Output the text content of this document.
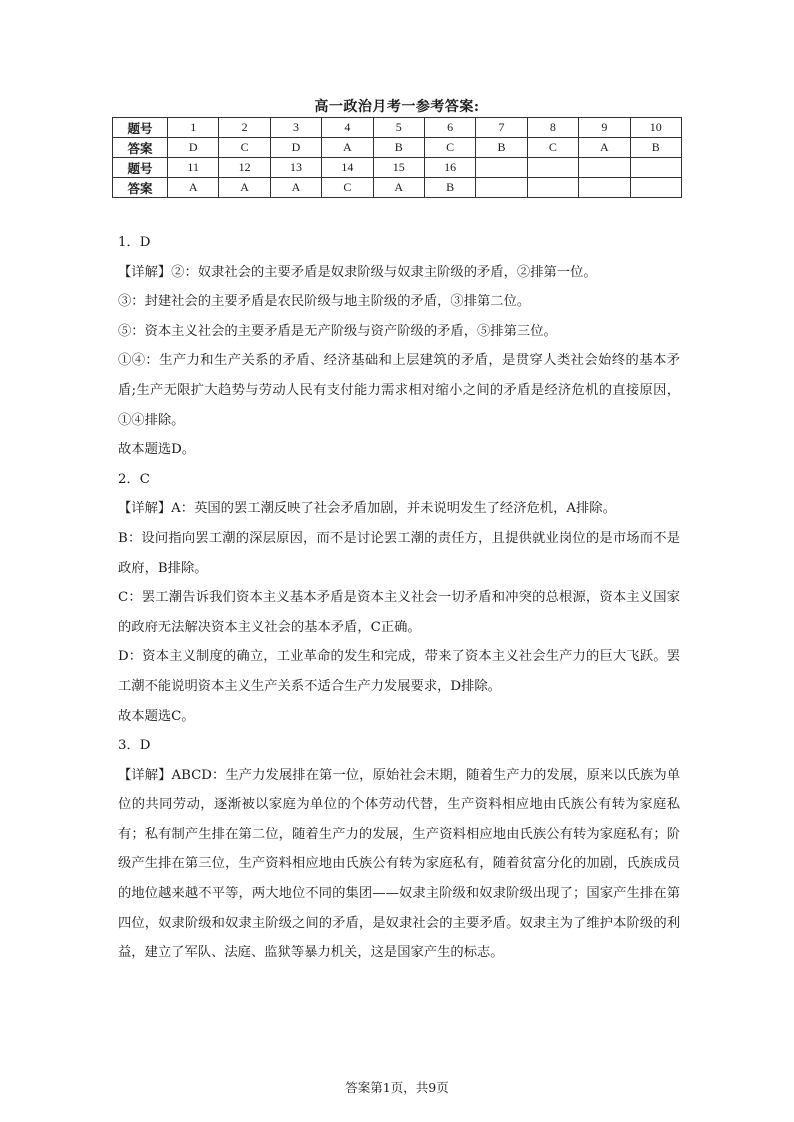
高一政治月考一参考答案:
题号	1	2	3	4	5	6	7	8	9	10
答案	D	C	D	A	B	C	B	C	A	B
题号	11	12	13	14	15	16				
答案	A	A	A	C	A	B				

1．D

【详解】②：奴隶社会的主要矛盾是奴隶阶级与奴隶主阶级的矛盾，②排第一位。

③：封建社会的主要矛盾是农民阶级与地主阶级的矛盾，③排第二位。

⑤：资本主义社会的主要矛盾是无产阶级与资产阶级的矛盾，⑤排第三位。

①④：生产力和生产关系的矛盾、经济基础和上层建筑的矛盾，是贯穿人类社会始终的基本矛盾;生产无限扩大趋势与劳动人民有支付能力需求相对缩小之间的矛盾是经济危机的直接原因，①④排除。

故本题选D。

2．C

【详解】A：英国的罢工潮反映了社会矛盾加剧，并未说明发生了经济危机，A排除。

B：设问指向罢工潮的深层原因，而不是讨论罢工潮的责任方，且提供就业岗位的是市场而不是政府，B排除。

C：罢工潮告诉我们资本主义基本矛盾是资本主义社会一切矛盾和冲突的总根源，资本主义国家的政府无法解决资本主义社会的基本矛盾，C正确。

D：资本主义制度的确立，工业革命的发生和完成，带来了资本主义社会生产力的巨大飞跃。罢工潮不能说明资本主义生产关系不适合生产力发展要求，D排除。

故本题选C。

3．D

【详解】ABCD：生产力发展排在第一位，原始社会末期，随着生产力的发展，原来以氏族为单位的共同劳动，逐渐被以家庭为单位的个体劳动代替，生产资料相应地由氏族公有转为家庭私有；私有制产生排在第二位，随着生产力的发展，生产资料相应地由氏族公有转为家庭私有；阶级产生排在第三位，生产资料相应地由氏族公有转为家庭私有，随着贫富分化的加剧，氏族成员的地位越来越不平等，两大地位不同的集团——奴隶主阶级和奴隶阶级出现了；国家产生排在第四位，奴隶阶级和奴隶主阶级之间的矛盾，是奴隶社会的主要矛盾。奴隶主为了维护本阶级的利益，建立了军队、法庭、监狱等暴力机关，这是国家产生的标志。

答案第1页，共9页
